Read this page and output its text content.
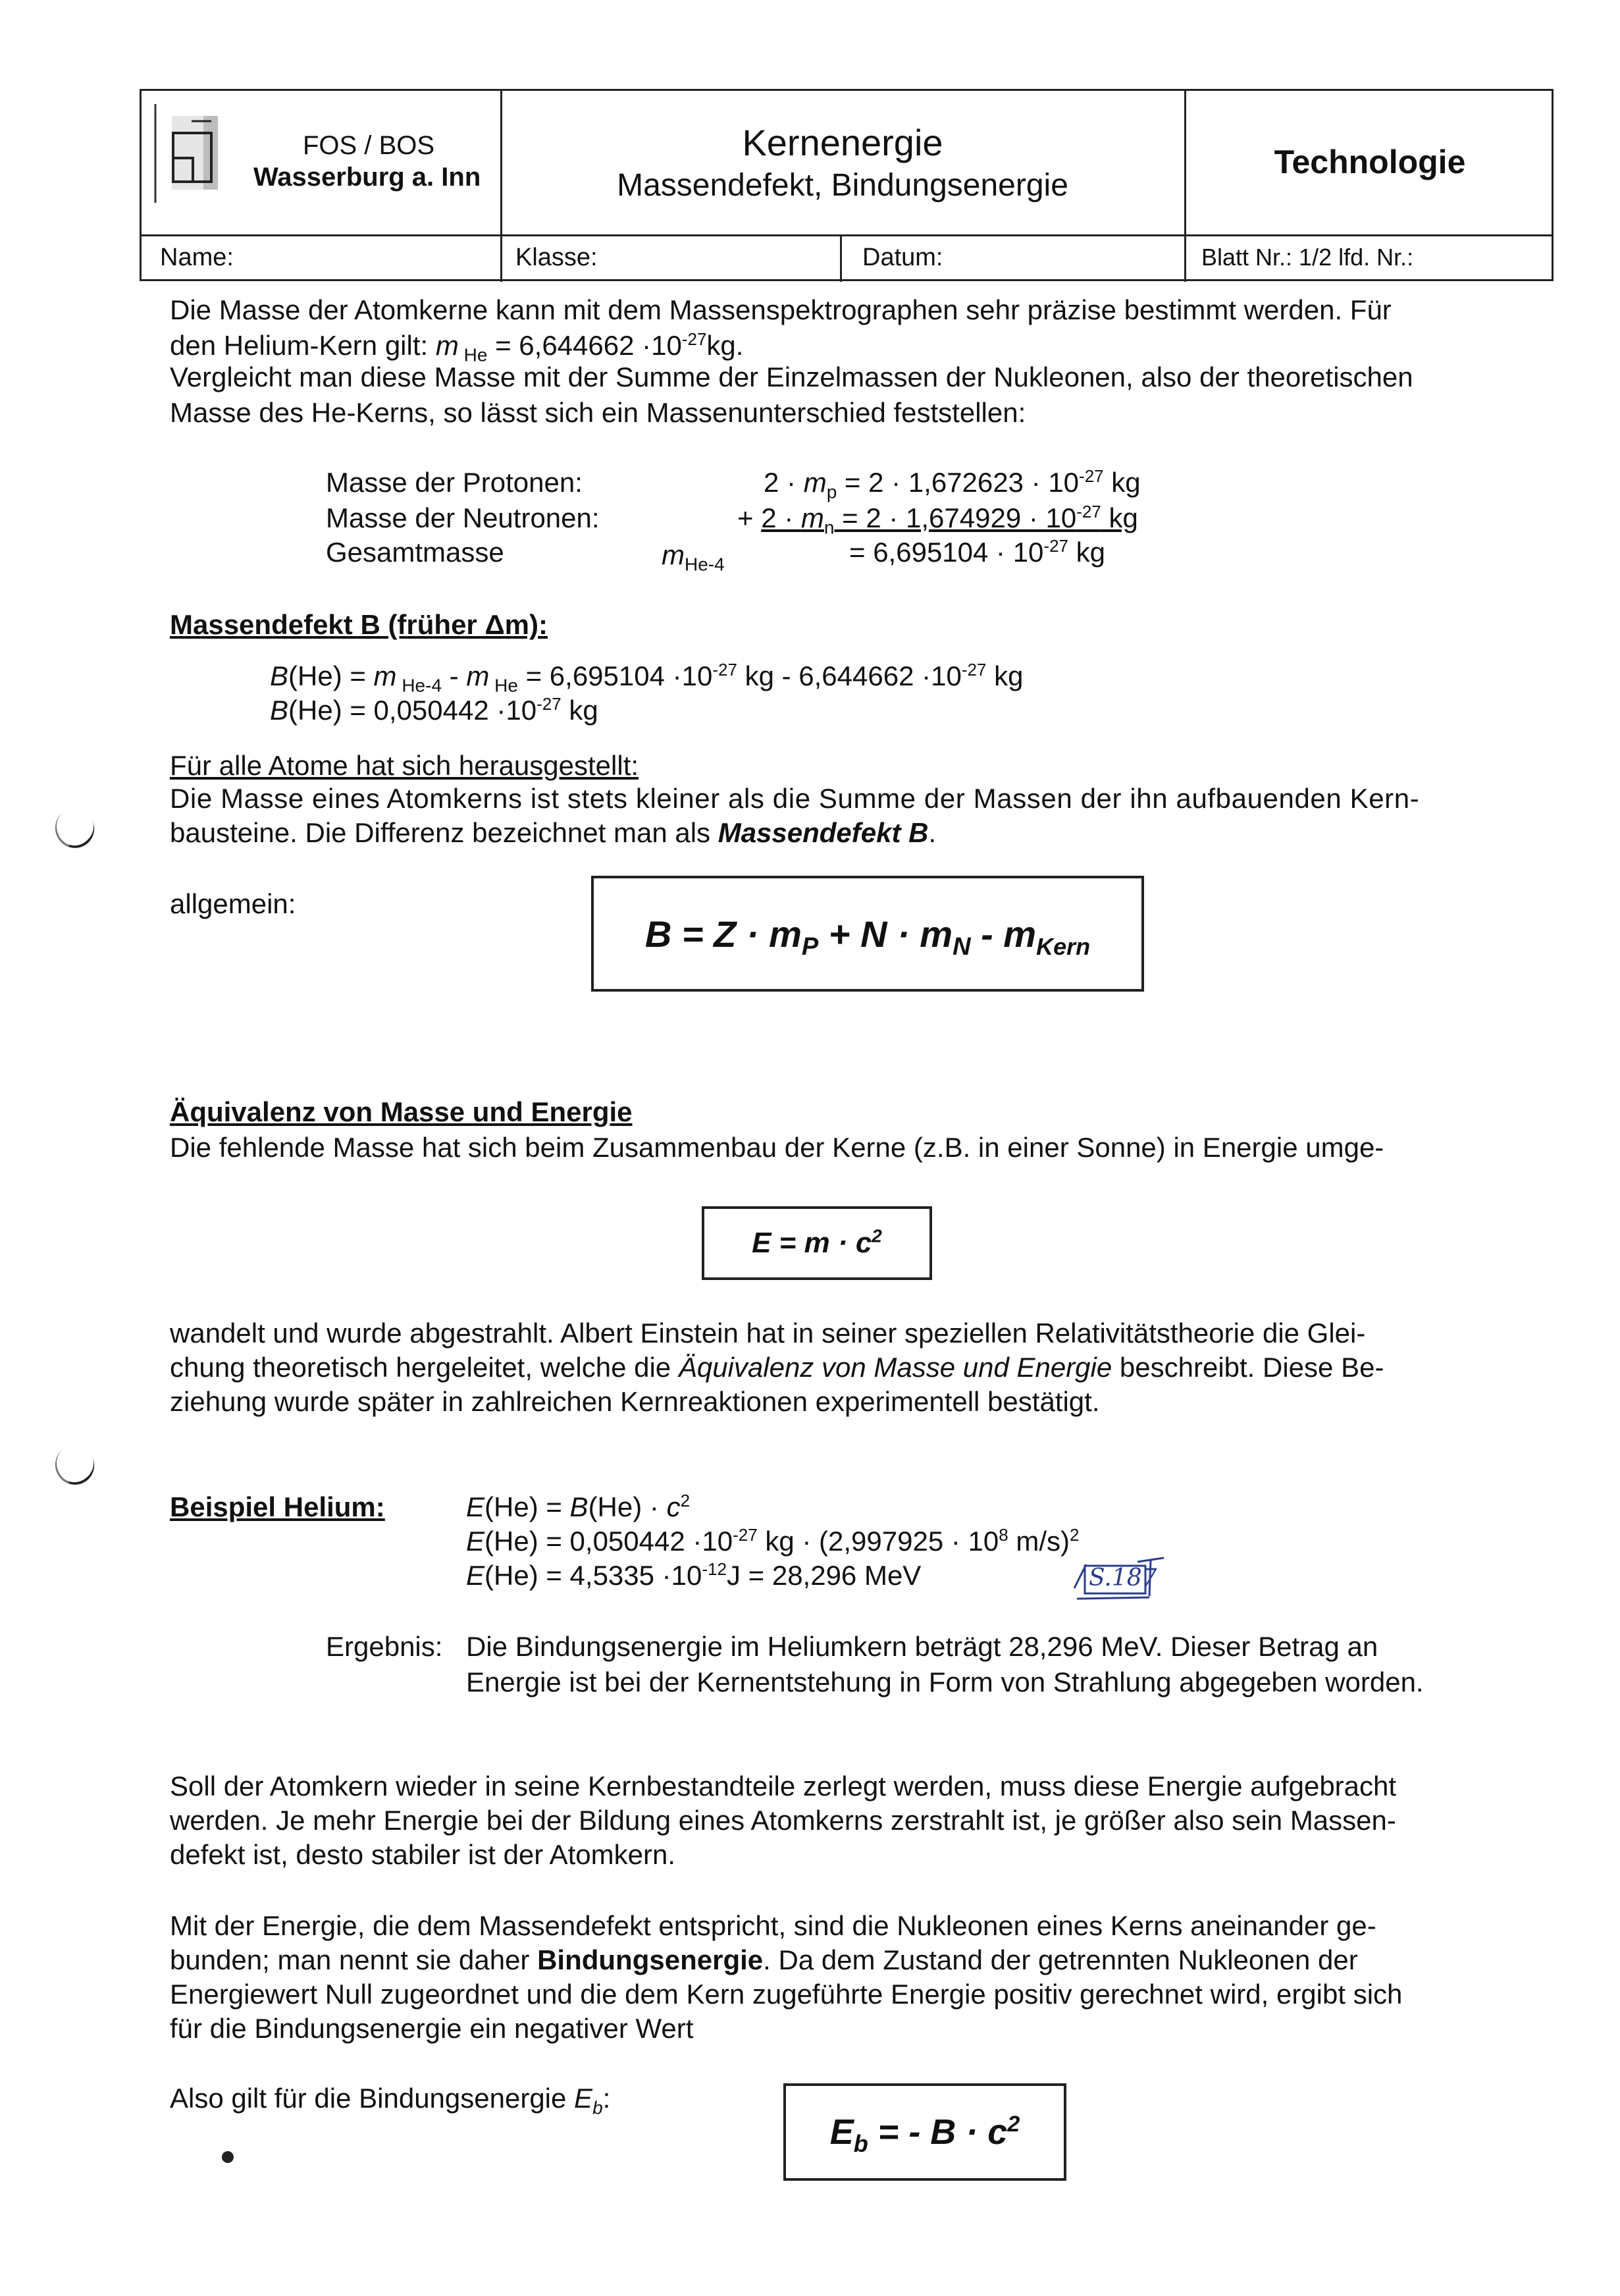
FOS / BOS
Wasserburg a. Inn
Kernenergie
Massendefekt, Bindungsenergie
Technologie
Name:	Klasse:	Datum:	Blatt Nr.: 1/2 lfd. Nr.:
Die Masse der Atomkerne kann mit dem Massenspektrographen sehr präzise bestimmt werden. Für
den Helium-Kern gilt: m $_{He} = 6,644662 \cdot 10^{-27}kg$.
Vergleicht man diese Masse mit der Summe der Einzelmassen der Nukleonen, also der theoretischen
Masse des He-Kerns, so lässt sich ein Massenunterschied feststellen:
Masse der Protonen:	$2 \cdot m_p = 2 \cdot 1,672623 \cdot 10^{-27}$ kg
Masse der Neutronen:	+ $2 \cdot m_n = 2 \cdot 1,674929 \cdot 10^{-27}$ kg
Gesamtmasse	$m_{He-4}$	= $6,695104 \cdot 10^{-27}$ kg
Massendefekt B (früher Δm):
B(He) = m $_{He-4}$ - m $_{He} = 6,695104 \cdot 10^{-27}$ kg - $6,644662 \cdot 10^{-27}$ kg
$B(He) = 0,050442 \cdot 10^{-27}$ kg
Für alle Atome hat sich herausgestellt:
Die Masse eines Atomkerns ist stets kleiner als die Summe der Massen der ihn aufbauenden Kern-
bausteine. Die Differenz bezeichnet man als Massendefekt B.
allgemein:
$B = Z \cdot m_P + N \cdot m_N - m_{Kern}$
Äquivalenz von Masse und Energie
Die fehlende Masse hat sich beim Zusammenbau der Kerne (z.B. in einer Sonne) in Energie umge-
$E = m \cdot c^2$
wandelt und wurde abgestrahlt. Albert Einstein hat in seiner speziellen Relativitätstheorie die Glei-
chung theoretisch hergeleitet, welche die Äquivalenz von Masse und Energie beschreibt. Diese Be-
ziehung wurde später in zahlreichen Kernreaktionen experimentell bestätigt.
Beispiel Helium:	$E(He) = B(He) \cdot c^2$
$E(He) = 0,050442 \cdot 10^{-27}$ kg · ($2,997925 \cdot 10^8$ m/s)$^2$
$E(He) = 4,5335 \cdot 10^{-12}J = 28,296$ MeV	S.187
Ergebnis: Die Bindungsenergie im Heliumkern beträgt 28,296 MeV. Dieser Betrag an
Energie ist bei der Kernentstehung in Form von Strahlung abgegeben worden.
Soll der Atomkern wieder in seine Kernbestandteile zerlegt werden, muss diese Energie aufgebracht
werden. Je mehr Energie bei der Bildung eines Atomkerns zerstrahlt ist, je größer also sein Massen-
defekt ist, desto stabiler ist der Atomkern.
Mit der Energie, die dem Massendefekt entspricht, sind die Nukleonen eines Kerns aneinander ge-
bunden; man nennt sie daher Bindungsenergie. Da dem Zustand der getrennten Nukleonen der
Energiewert Null zugeordnet und die dem Kern zugeführte Energie positiv gerechnet wird, ergibt sich
für die Bindungsenergie ein negativer Wert
Also gilt für die Bindungsenergie $E_b$:
$E_b$ = - $B \cdot c^2$
